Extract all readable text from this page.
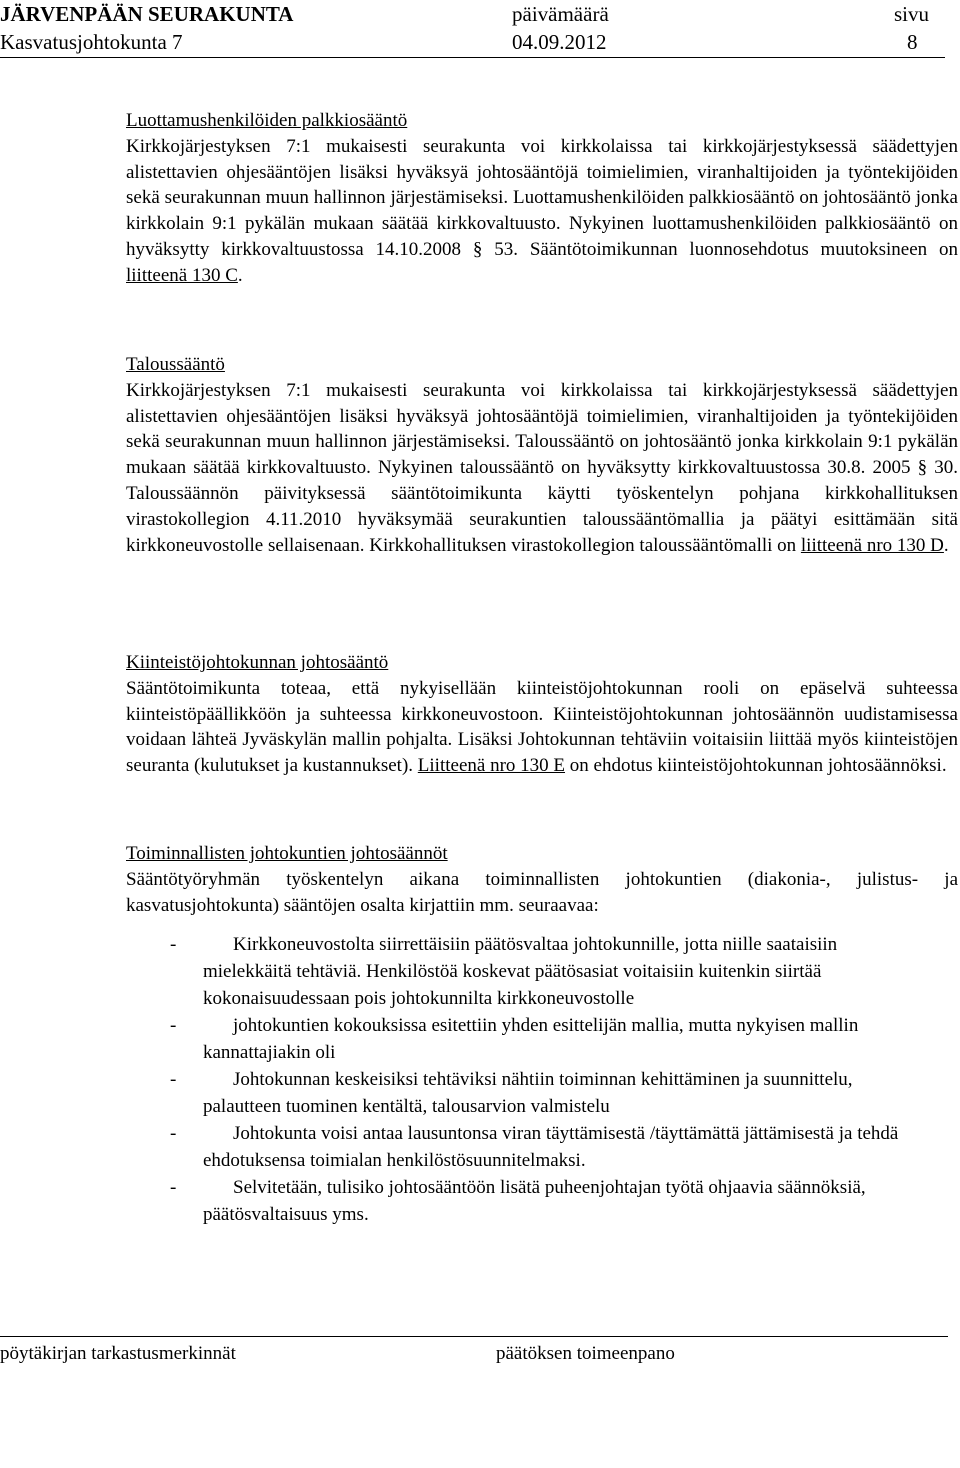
JÄRVENPÄÄN SEURAKUNTA	päivämäärä	sivu
Kasvatusjohtokunta 7	04.09.2012	8
Luottamushenkilöiden palkkiosääntö

Kirkkojärjestyksen 7:1 mukaisesti seurakunta voi kirkkolaissa tai kirkkojärjestyksessä säädettyjen alistettavien ohjesääntöjen lisäksi hyväksyä johtosääntöjä toimielimien, viranhaltijoiden ja työntekijöiden sekä seurakunnan muun hallinnon järjestämiseksi. Luottamushenkilöiden palkkiosääntö on johtosääntö jonka kirkkolain 9:1 pykälän mukaan säätää kirkkovaltuusto. Nykyinen luottamushenkilöiden palkkiosääntö on hyväksytty kirkkovaltuustossa 14.10.2008 § 53. Sääntötoimikunnan luonnosehdotus muutoksineen on liitteenä 130 C.

Taloussääntö

Kirkkojärjestyksen 7:1 mukaisesti seurakunta voi kirkkolaissa tai kirkkojärjestyksessä säädettyjen alistettavien ohjesääntöjen lisäksi hyväksyä johtosääntöjä toimielimien, viranhaltijoiden ja työntekijöiden sekä seurakunnan muun hallinnon järjestämiseksi. Taloussääntö on johtosääntö jonka kirkkolain 9:1 pykälän mukaan säätää kirkkovaltuusto. Nykyinen taloussääntö on hyväksytty kirkkovaltuustossa 30.8. 2005 § 30. Taloussäännön päivityksessä sääntötoimikunta käytti työskentelyn pohjana kirkkohallituksen virastokollegion 4.11.2010 hyväksymää seurakuntien taloussääntömallia ja päätyi esittämään sitä kirkkoneuvostolle sellaisenaan. Kirkkohallituksen virastokollegion taloussääntömalli on liitteenä nro 130 D.

Kiinteistöjohtokunnan johtosääntö

Sääntötoimikunta toteaa, että nykyisellään kiinteistöjohtokunnan rooli on epäselvä suhteessa kiinteistöpäällikköön ja suhteessa kirkkoneuvostoon. Kiinteistöjohtokunnan johtosäännön uudistamisessa voidaan lähteä Jyväskylän mallin pohjalta. Lisäksi Johtokunnan tehtäviin voitaisiin liittää myös kiinteistöjen seuranta (kulutukset ja kustannukset). Liitteenä nro 130 E on ehdotus kiinteistöjohtokunnan johtosäännöksi.

Toiminnallisten johtokuntien johtosäännöt

Sääntötyöryhmän työskentelyn aikana toiminnallisten johtokuntien (diakonia-, julistus- ja kasvatusjohtokunta) sääntöjen osalta kirjattiin mm. seuraavaa:

-	Kirkkoneuvostolta siirrettäisiin päätösvaltaa johtokunnille, jotta niille saataisiin mielekkäitä tehtäviä. Henkilöstöä koskevat päätösasiat voitaisiin kuitenkin siirtää kokonaisuudessaan pois johtokunnilta kirkkoneuvostolle
-	johtokuntien kokouksissa esitettiin yhden esittelijän mallia, mutta nykyisen mallin kannattajiakin oli
-	Johtokunnan keskeisiksi tehtäviksi nähtiin toiminnan kehittäminen ja suunnittelu, palautteen tuominen kentältä, talousarvion valmistelu
-	Johtokunta voisi antaa lausuntonsa viran täyttämisestä /täyttämättä jättämisestä ja tehdä ehdotuksensa toimialan henkilöstösuunnitelmaksi.
-	Selvitetään, tulisiko johtosääntöön lisätä puheenjohtajan työtä ohjaavia säännöksiä, päätösvaltaisuus yms.
pöytäkirjan tarkastusmerkinnät	päätöksen toimeenpano
